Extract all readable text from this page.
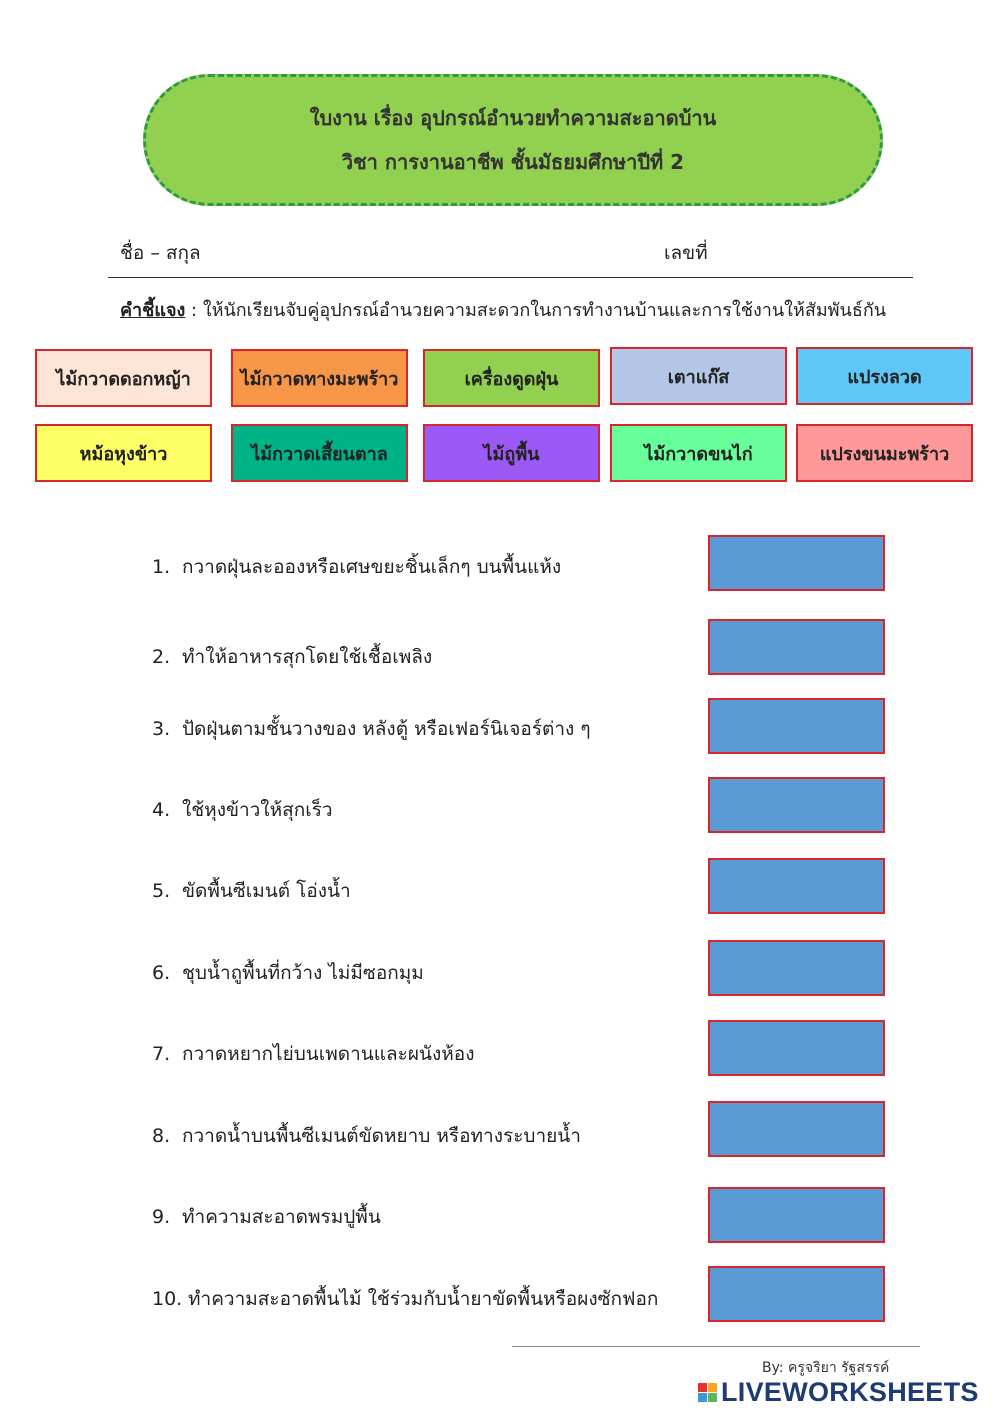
ใบงาน เรื่อง อุปกรณ์อำนวยทำความสะอาดบ้าน
วิชา การงานอาชีพ ชั้นมัธยมศึกษาปีที่ 2
ชื่อ – สกุล	เลขที่
คำชี้แจง : ให้นักเรียนจับคู่อุปกรณ์อำนวยความสะดวกในการทำงานบ้านและการใช้งานให้สัมพันธ์กัน
ไม้กวาดดอกหญ้า	ไม้กวาดทางมะพร้าว	เครื่องดูดฝุ่น	เตาแก๊ส	แปรงลวด
หม้อหุงข้าว	ไม้กวาดเสี้ยนตาล	ไม้ถูพื้น	ไม้กวาดขนไก่	แปรงขนมะพร้าว
1. กวาดฝุ่นละอองหรือเศษขยะชิ้นเล็กๆ บนพื้นแห้ง
2. ทำให้อาหารสุกโดยใช้เชื้อเพลิง
3. ปัดฝุ่นตามชั้นวางของ หลังตู้ หรือเฟอร์นิเจอร์ต่าง ๆ
4. ใช้หุงข้าวให้สุกเร็ว
5. ขัดพื้นซีเมนต์ โอ่งน้ำ
6. ชุบน้ำถูพื้นที่กว้าง ไม่มีซอกมุม
7. กวาดหยากไย่บนเพดานและผนังห้อง
8. กวาดน้ำบนพื้นซีเมนต์ขัดหยาบ หรือทางระบายน้ำ
9. ทำความสะอาดพรมปูพื้น
10. ทำความสะอาดพื้นไม้ ใช้ร่วมกับน้ำยาขัดพื้นหรือผงซักฟอก
By: ครูจริยา รัฐสรรค์
LIVEWORKSHEETS
